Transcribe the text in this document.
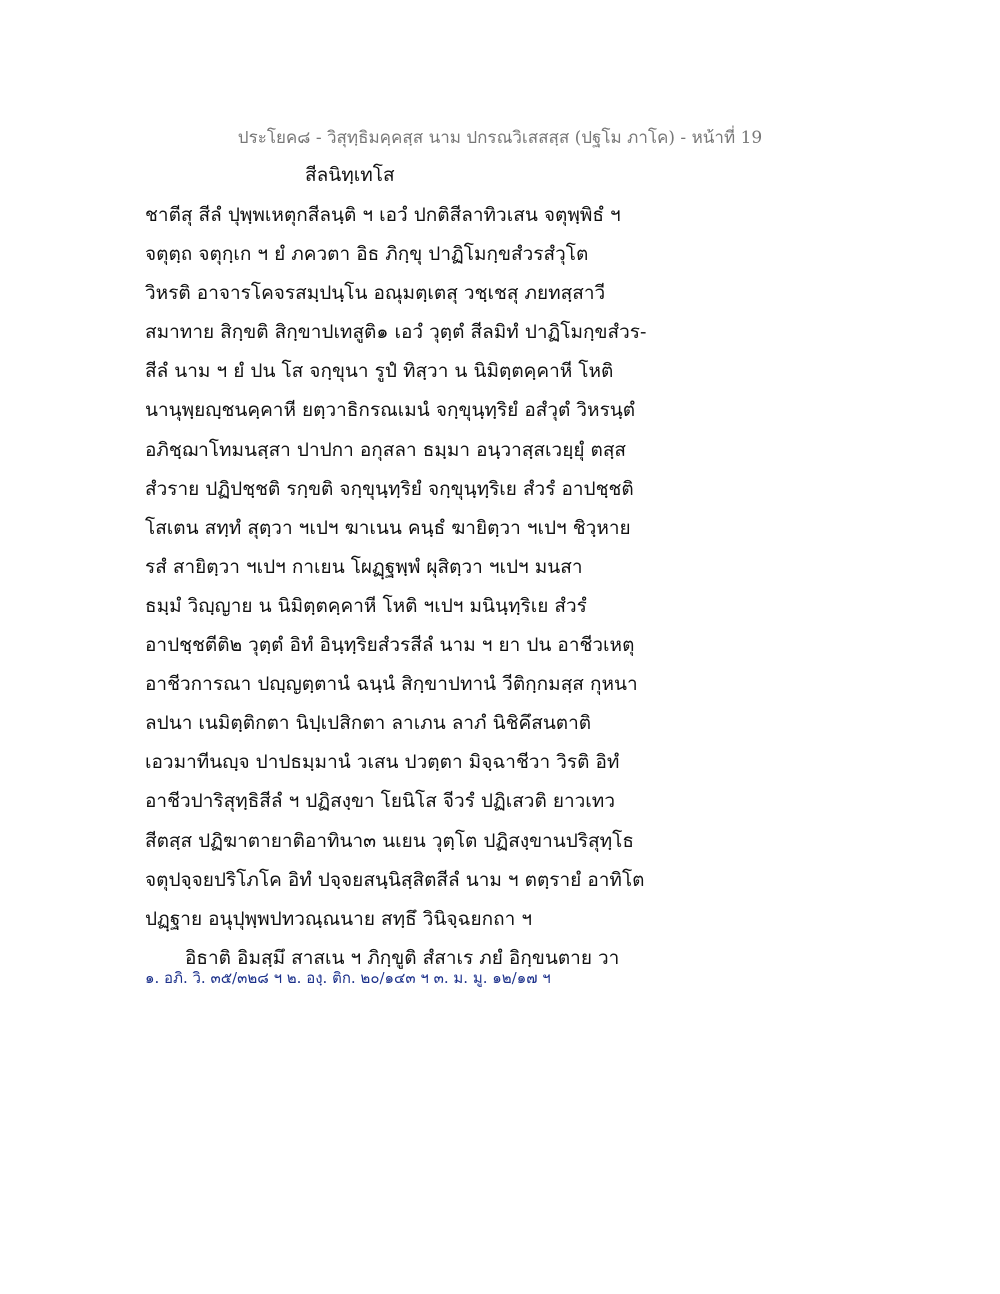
ประโยค๘ - วิสุทฺธิมคฺคสฺส นาม ปกรณวิเสสสฺส (ปฐโม ภาโค) - หน้าที่ 19
สีลนิทฺเทโส
ชาตีสุ สีลํ ปุพฺพเหตุกสีลนฺติ ฯ เอวํ ปกติสีลาทิวเสน จตุพฺพิธํ ฯ
จตุตฺถ จตุกฺเก ฯ ยํ ภควตา อิธ ภิกฺขุ ปาฏิโมกฺขสํวรสํวุโต
วิหรติ อาจารโคจรสมฺปนฺโน อณุมตฺเตสุ วชฺเชสุ ภยทสฺสาวี
สมาทาย สิกฺขติ สิกฺขาปเทสูติ๑ เอวํ วุตฺตํ สีลมิทํ ปาฏิโมกฺขสํวร-
สีลํ นาม ฯ ยํ ปน โส จกฺขุนา รูปํ ทิสฺวา น นิมิตฺตคฺคาหี โหติ
นานุพฺยญฺชนคฺคาหี ยตฺวาธิกรณเมนํ จกฺขุนฺทฺริยํ อสํวุตํ วิหรนฺตํ
อภิชฺฌาโทมนสฺสา ปาปกา อกุสลา ธมฺมา อนฺวาสฺสเวยฺยุํ ตสฺส
สํวราย ปฏิปชฺชติ รกฺขติ จกฺขุนฺทฺริยํ จกฺขุนฺทฺริเย สํวรํ อาปชฺชติ
โสเตน สทฺทํ สุตฺวา ฯเปฯ ฆาเนน คนฺธํ ฆายิตฺวา ฯเปฯ ชิวฺหาย
รสํ สายิตฺวา ฯเปฯ กาเยน โผฏฺฐพฺพํ ผุสิตฺวา ฯเปฯ มนสา
ธมฺมํ วิญฺญาย น นิมิตฺตคฺคาหี โหติ ฯเปฯ มนินฺทฺริเย สํวรํ
อาปชฺชตีติ๒ วุตฺตํ อิทํ อินฺทฺริยสํวรสีลํ นาม ฯ ยา ปน อาชีวเหตุ
อาชีวการณา ปญฺญตฺตานํ ฉนฺนํ สิกฺขาปทานํ วีติกฺกมสฺส กุหนา
ลปนา เนมิตฺติกตา นิปฺเปสิกตา ลาเภน ลาภํ นิชิคึสนตาติ
เอวมาทีนญฺจ ปาปธมฺมานํ วเสน ปวตฺตา มิจฺฉาชีวา วิรติ อิทํ
อาชีวปาริสุทฺธิสีลํ ฯ ปฏิสงฺขา โยนิโส จีวรํ ปฏิเสวติ ยาวเทว
สีตสฺส ปฏิฆาตายาติอาทินา๓ นเยน วุตฺโต ปฏิสงฺขานปริสุทฺโธ
จตุปจฺจยปริโภโค อิทํ ปจฺจยสนฺนิสฺสิตสีลํ นาม ฯ ตตฺรายํ อาทิโต
ปฏฺฐาย อนุปุพฺพปทวณฺณนาย สทฺธึ วินิจฺฉยกถา ฯ
อิธาติ อิมสฺมึ สาสเน ฯ ภิกฺขูติ สํสาเร ภยํ อิกฺขนตาย วา
๑. อภิ. วิ. ๓๕/๓๒๘ ฯ ๒. องฺ. ติก. ๒๐/๑๔๓ ฯ ๓. ม. มู. ๑๒/๑๗ ฯ
